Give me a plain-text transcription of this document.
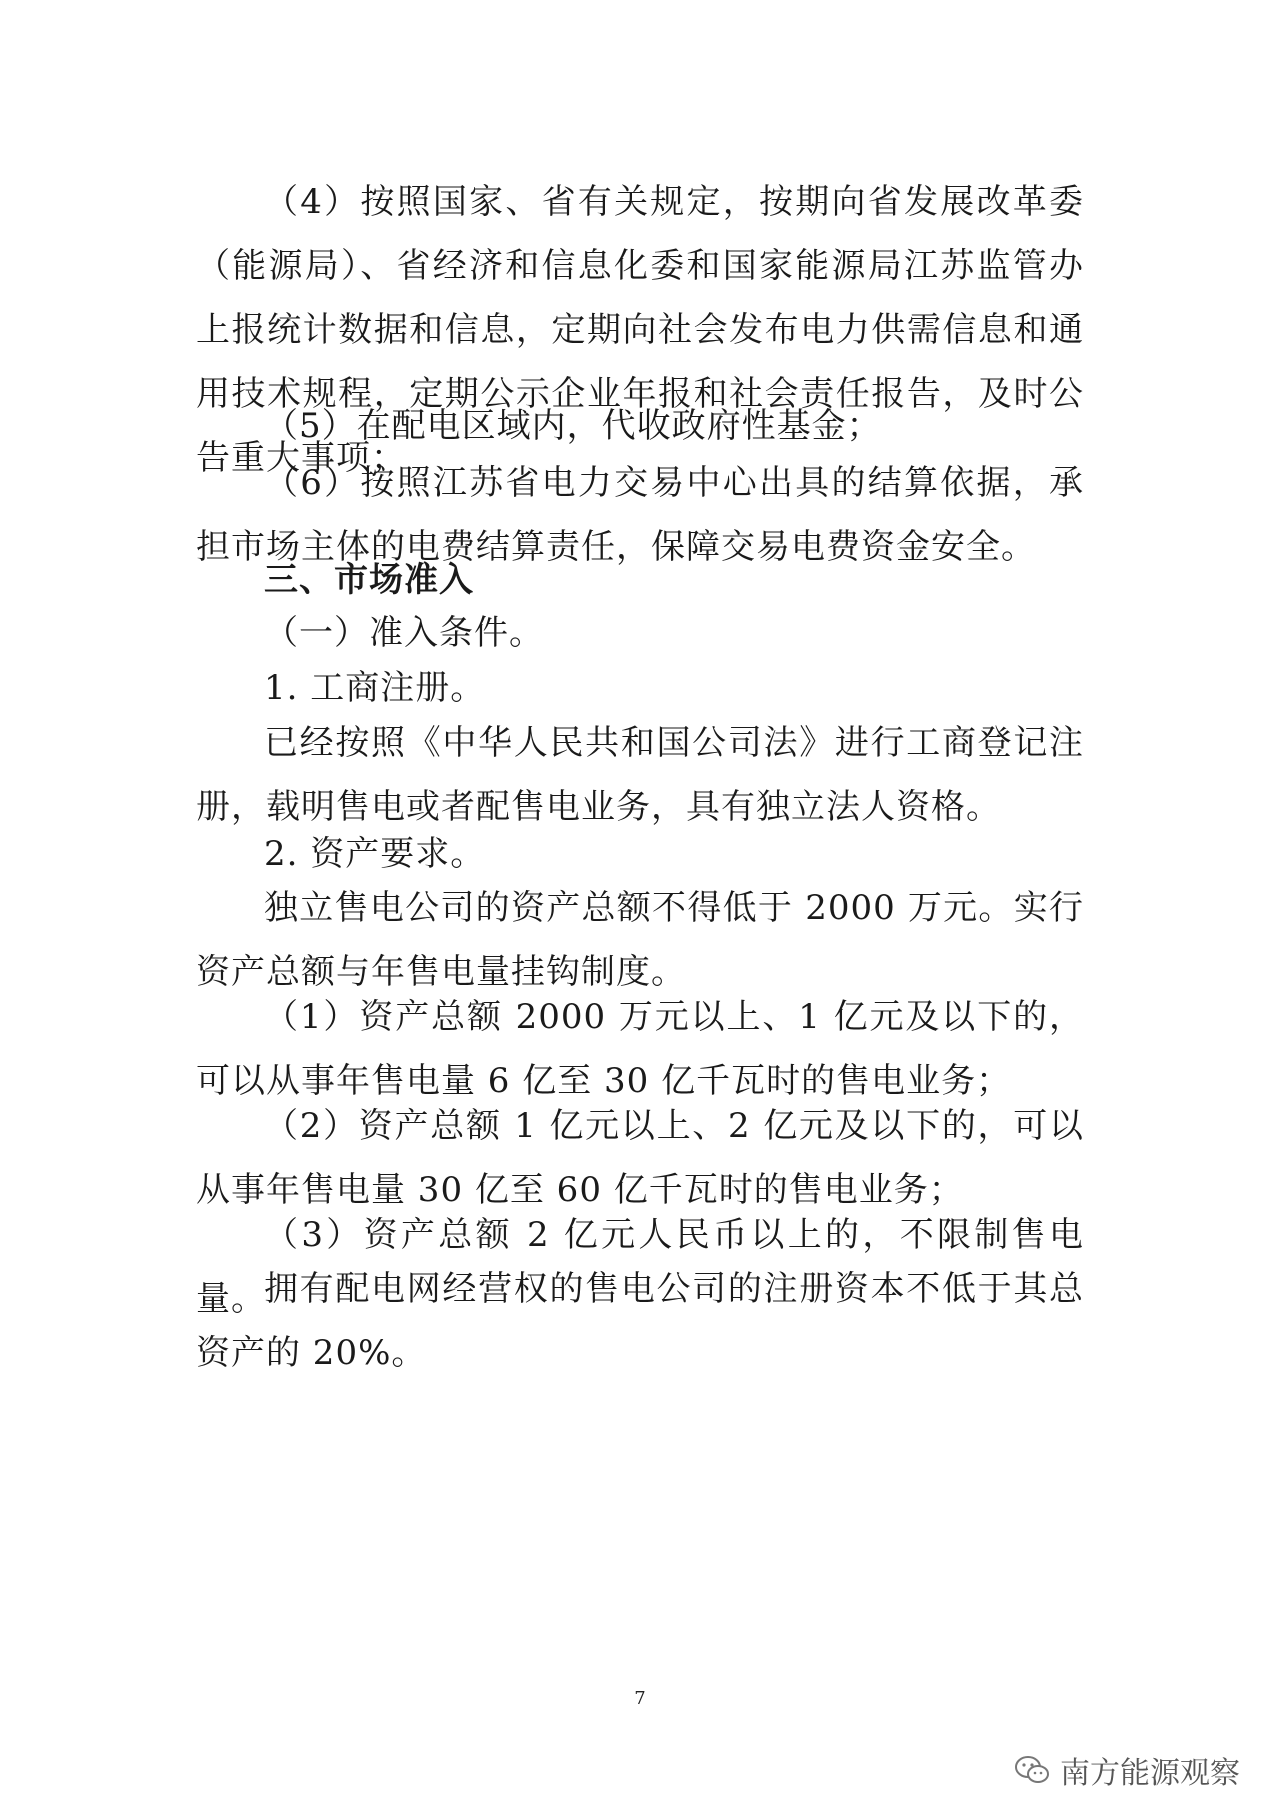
（4）按照国家、省有关规定，按期向省发展改革委（能源局）、省经济和信息化委和国家能源局江苏监管办上报统计数据和信息，定期向社会发布电力供需信息和通用技术规程，定期公示企业年报和社会责任报告，及时公告重大事项；

（5）在配电区域内，代收政府性基金；

（6）按照江苏省电力交易中心出具的结算依据，承担市场主体的电费结算责任，保障交易电费资金安全。

三、市场准入

（一）准入条件。

1. 工商注册。

已经按照《中华人民共和国公司法》进行工商登记注册，载明售电或者配售电业务，具有独立法人资格。

2. 资产要求。

独立售电公司的资产总额不得低于 2000 万元。实行资产总额与年售电量挂钩制度。

（1）资产总额 2000 万元以上、1 亿元及以下的，可以从事年售电量 6 亿至 30 亿千瓦时的售电业务；

（2）资产总额 1 亿元以上、2 亿元及以下的，可以从事年售电量 30 亿至 60 亿千瓦时的售电业务；

（3）资产总额 2 亿元人民币以上的，不限制售电量。

拥有配电网经营权的售电公司的注册资本不低于其总资产的 20%。

7
南方能源观察
